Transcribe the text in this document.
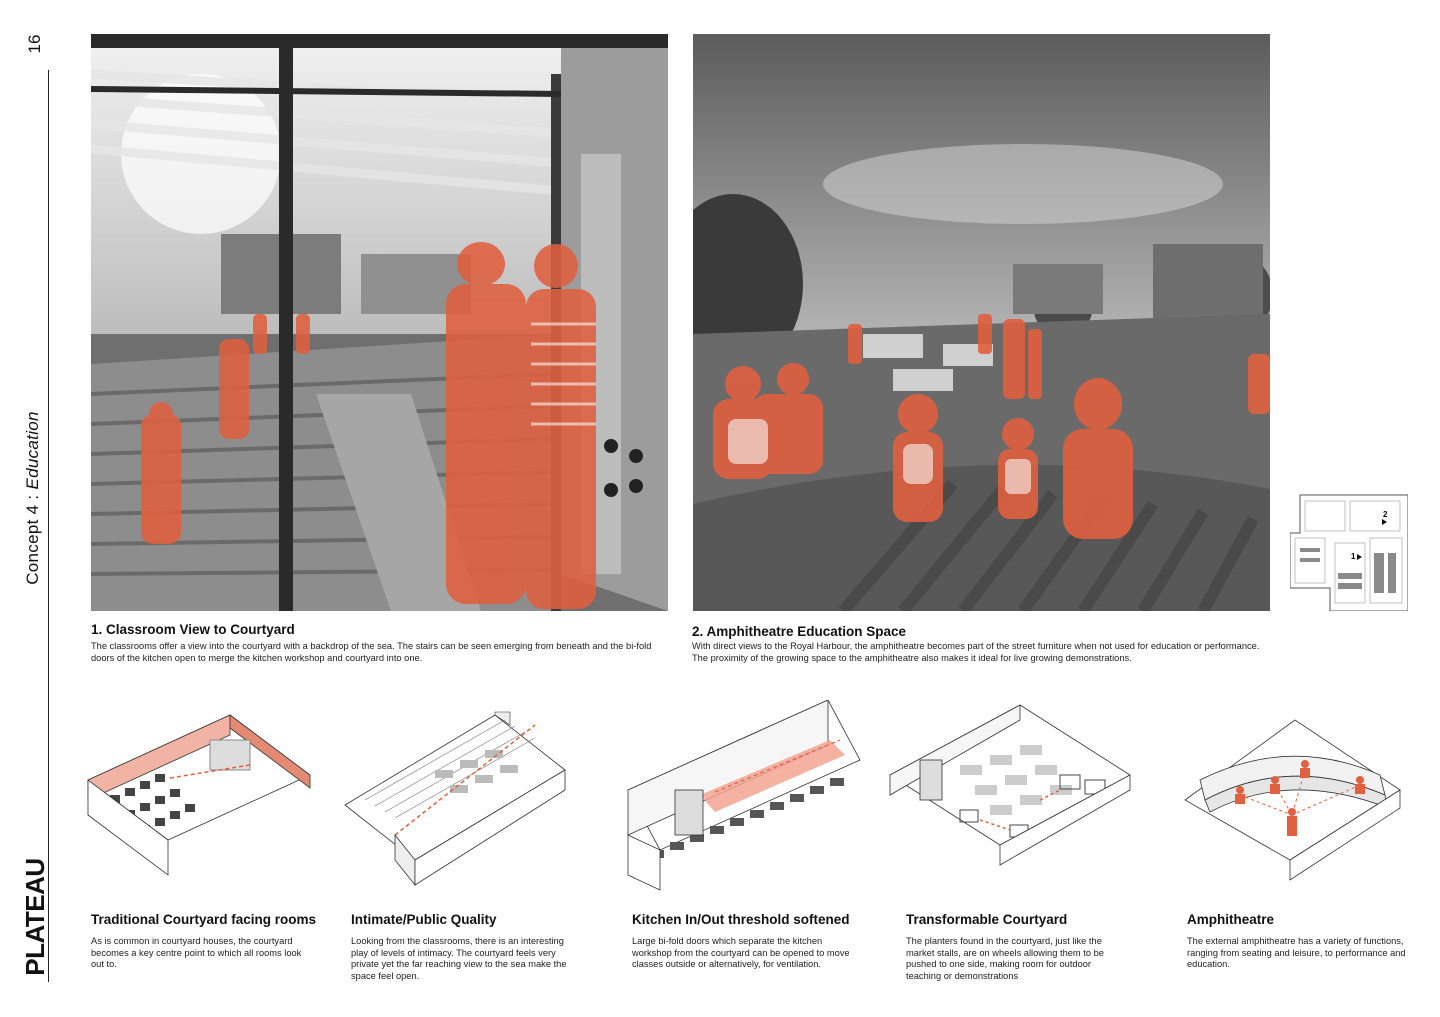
16
Concept 4 : Education
PLATEAU
1. Classroom View to Courtyard
The classrooms offer a view into the courtyard with a backdrop of the sea. The stairs can be seen emerging from beneath and the bi-fold doors of the kitchen open to merge the kitchen workshop and courtyard into one.
2. Amphitheatre Education Space
With direct views to the Royal Harbour, the amphitheatre becomes part of the street furniture when not used for education or performance. The proximity of the growing space to the amphitheatre also makes it ideal for live growing demonstrations.
2
1
Traditional Courtyard facing rooms
As is common in courtyard houses, the courtyard becomes a key centre point to which all rooms look out to.
Intimate/Public Quality
Looking from the classrooms, there is an interesting play of levels of intimacy. The courtyard feels very private yet the far reaching view to the sea make the space feel open.
Kitchen In/Out threshold softened
Large bi-fold doors which separate the kitchen workshop from the courtyard can be opened to move classes outside or alternatively, for ventilation.
Transformable Courtyard
The planters found in the courtyard, just like the market stalls, are on wheels allowing them to be pushed to one side, making room for outdoor teaching or demonstrations
Amphitheatre
The external amphitheatre has a variety of functions, ranging from seating and leisure, to performance and education.
